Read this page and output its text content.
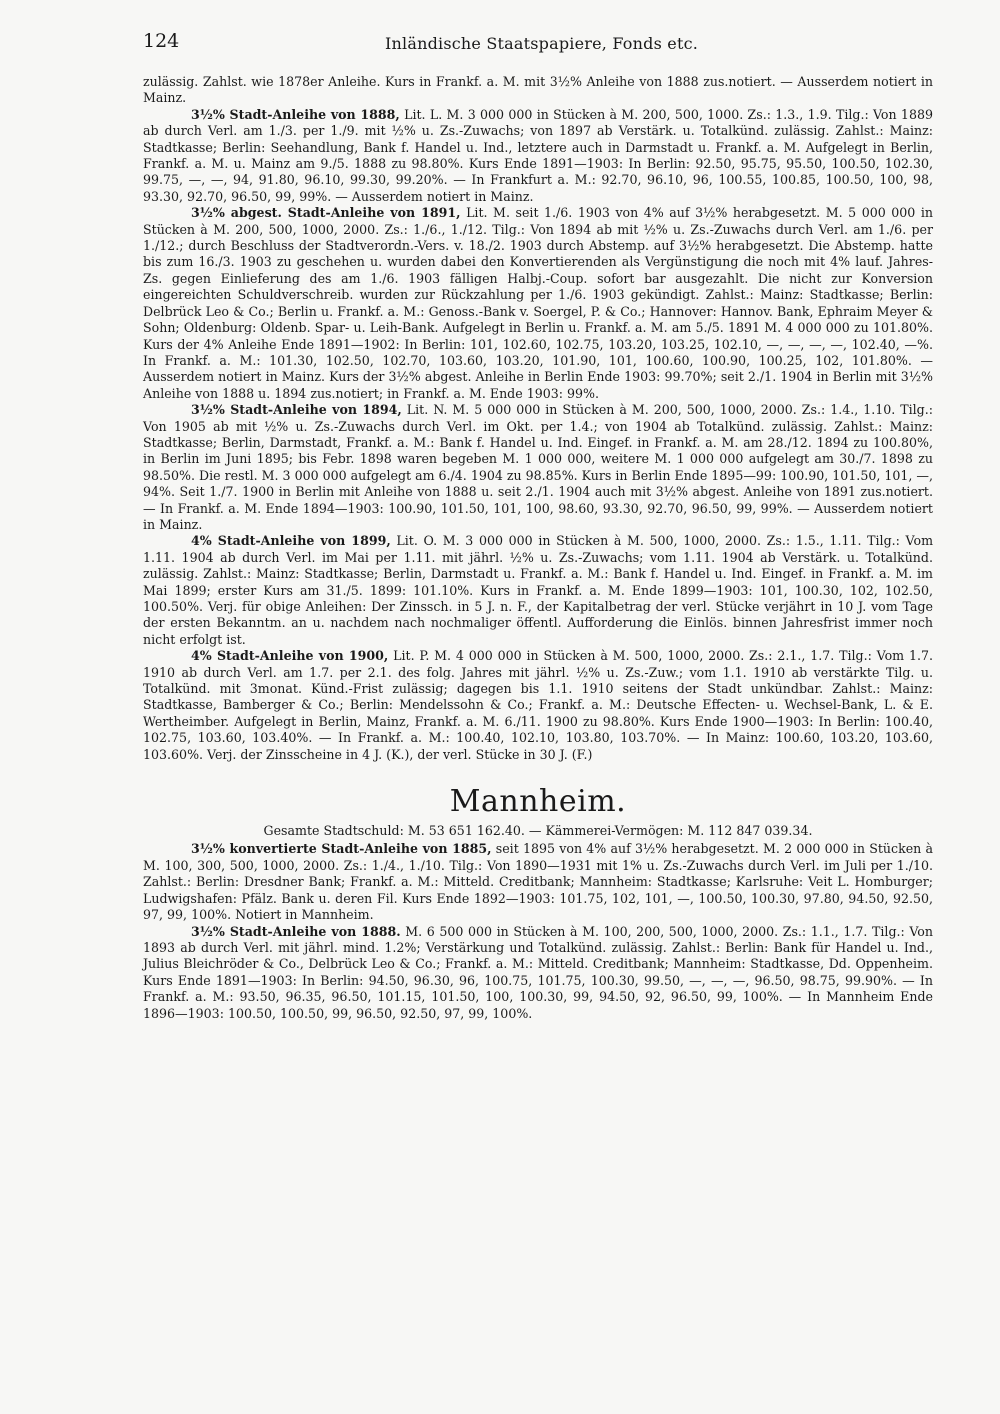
124	Inländische Staatspapiere, Fonds etc.

zulässig. Zahlst. wie 1878er Anleihe. Kurs in Frankf. a. M. mit 3½% Anleihe von 1888 zus.notiert. — Ausserdem notiert in Mainz.

3½% Stadt-Anleihe von 1888, Lit. L. M. 3 000 000 in Stücken à M. 200, 500, 1000. Zs.: 1.3., 1.9. Tilg.: Von 1889 ab durch Verl. am 1./3. per 1./9. mit ½% u. Zs.-Zuwachs; von 1897 ab Verstärk. u. Totalkünd. zulässig. Zahlst.: Mainz: Stadtkasse; Berlin: Seehandlung, Bank f. Handel u. Ind., letztere auch in Darmstadt u. Frankf. a. M. Aufgelegt in Berlin, Frankf. a. M. u. Mainz am 9./5. 1888 zu 98.80%. Kurs Ende 1891—1903: In Berlin: 92.50, 95.75, 95.50, 100.50, 102.30, 99.75, —, —, 94, 91.80, 96.10, 99.30, 99.20%. — In Frankfurt a. M.: 92.70, 96.10, 96, 100.55, 100.85, 100.50, 100, 98, 93.30, 92.70, 96.50, 99, 99%. — Ausserdem notiert in Mainz.

3½% abgest. Stadt-Anleihe von 1891, Lit. M. seit 1./6. 1903 von 4% auf 3½% herabgesetzt. M. 5 000 000 in Stücken à M. 200, 500, 1000, 2000. Zs.: 1./6., 1./12. Tilg.: Von 1894 ab mit ½% u. Zs.-Zuwachs durch Verl. am 1./6. per 1./12.; durch Beschluss der Stadtverordn.-Vers. v. 18./2. 1903 durch Abstemp. auf 3½% herabgesetzt. Die Abstemp. hatte bis zum 16./3. 1903 zu geschehen u. wurden dabei den Konvertierenden als Vergünstigung die noch mit 4% lauf. Jahres-Zs. gegen Einlieferung des am 1./6. 1903 fälligen Halbj.-Coup. sofort bar ausgezahlt. Die nicht zur Konversion eingereichten Schuldverschreib. wurden zur Rückzahlung per 1./6. 1903 gekündigt. Zahlst.: Mainz: Stadtkasse; Berlin: Delbrück Leo & Co.; Berlin u. Frankf. a. M.: Genoss.-Bank v. Soergel, P. & Co.; Hannover: Hannov. Bank, Ephraim Meyer & Sohn; Oldenburg: Oldenb. Spar- u. Leih-Bank. Aufgelegt in Berlin u. Frankf. a. M. am 5./5. 1891 M. 4 000 000 zu 101.80%. Kurs der 4% Anleihe Ende 1891—1902: In Berlin: 101, 102.60, 102.75, 103.20, 103.25, 102.10, —, —, —, —, 102.40, —%. In Frankf. a. M.: 101.30, 102.50, 102.70, 103.60, 103.20, 101.90, 101, 100.60, 100.90, 100.25, 102, 101.80%. — Ausserdem notiert in Mainz. Kurs der 3½% abgest. Anleihe in Berlin Ende 1903: 99.70%; seit 2./1. 1904 in Berlin mit 3½% Anleihe von 1888 u. 1894 zus.notiert; in Frankf. a. M. Ende 1903: 99%.

3½% Stadt-Anleihe von 1894, Lit. N. M. 5 000 000 in Stücken à M. 200, 500, 1000, 2000. Zs.: 1.4., 1.10. Tilg.: Von 1905 ab mit ½% u. Zs.-Zuwachs durch Verl. im Okt. per 1.4.; von 1904 ab Totalkünd. zulässig. Zahlst.: Mainz: Stadtkasse; Berlin, Darmstadt, Frankf. a. M.: Bank f. Handel u. Ind. Eingef. in Frankf. a. M. am 28./12. 1894 zu 100.80%, in Berlin im Juni 1895; bis Febr. 1898 waren begeben M. 1 000 000, weitere M. 1 000 000 aufgelegt am 30./7. 1898 zu 98.50%. Die restl. M. 3 000 000 aufgelegt am 6./4. 1904 zu 98.85%. Kurs in Berlin Ende 1895—99: 100.90, 101.50, 101, —, 94%. Seit 1./7. 1900 in Berlin mit Anleihe von 1888 u. seit 2./1. 1904 auch mit 3½% abgest. Anleihe von 1891 zus.notiert. — In Frankf. a. M. Ende 1894—1903: 100.90, 101.50, 101, 100, 98.60, 93.30, 92.70, 96.50, 99, 99%. — Ausserdem notiert in Mainz.

4% Stadt-Anleihe von 1899, Lit. O. M. 3 000 000 in Stücken à M. 500, 1000, 2000. Zs.: 1.5., 1.11. Tilg.: Vom 1.11. 1904 ab durch Verl. im Mai per 1.11. mit jährl. ½% u. Zs.-Zuwachs; vom 1.11. 1904 ab Verstärk. u. Totalkünd. zulässig. Zahlst.: Mainz: Stadtkasse; Berlin, Darmstadt u. Frankf. a. M.: Bank f. Handel u. Ind. Eingef. in Frankf. a. M. im Mai 1899; erster Kurs am 31./5. 1899: 101.10%. Kurs in Frankf. a. M. Ende 1899—1903: 101, 100.30, 102, 102.50, 100.50%. Verj. für obige Anleihen: Der Zinssch. in 5 J. n. F., der Kapitalbetrag der verl. Stücke verjährt in 10 J. vom Tage der ersten Bekanntm. an u. nachdem nach nochmaliger öffentl. Aufforderung die Einlös. binnen Jahresfrist immer noch nicht erfolgt ist.

4% Stadt-Anleihe von 1900, Lit. P. M. 4 000 000 in Stücken à M. 500, 1000, 2000. Zs.: 2.1., 1.7. Tilg.: Vom 1.7. 1910 ab durch Verl. am 1.7. per 2.1. des folg. Jahres mit jährl. ½% u. Zs.-Zuw.; vom 1.1. 1910 ab verstärkte Tilg. u. Totalkünd. mit 3monat. Künd.-Frist zulässig; dagegen bis 1.1. 1910 seitens der Stadt unkündbar. Zahlst.: Mainz: Stadtkasse, Bamberger & Co.; Berlin: Mendelssohn & Co.; Frankf. a. M.: Deutsche Effecten- u. Wechsel-Bank, L. & E. Wertheimber. Aufgelegt in Berlin, Mainz, Frankf. a. M. 6./11. 1900 zu 98.80%. Kurs Ende 1900—1903: In Berlin: 100.40, 102.75, 103.60, 103.40%. — In Frankf. a. M.: 100.40, 102.10, 103.80, 103.70%. — In Mainz: 100.60, 103.20, 103.60, 103.60%. Verj. der Zinsscheine in 4 J. (K.), der verl. Stücke in 30 J. (F.)

Mannheim.
Gesamte Stadtschuld: M. 53 651 162.40. — Kämmerei-Vermögen: M. 112 847 039.34.

3½% konvertierte Stadt-Anleihe von 1885, seit 1895 von 4% auf 3½% herabgesetzt. M. 2 000 000 in Stücken à M. 100, 300, 500, 1000, 2000. Zs.: 1./4., 1./10. Tilg.: Von 1890—1931 mit 1% u. Zs.-Zuwachs durch Verl. im Juli per 1./10. Zahlst.: Berlin: Dresdner Bank; Frankf. a. M.: Mitteld. Creditbank; Mannheim: Stadtkasse; Karlsruhe: Veit L. Homburger; Ludwigshafen: Pfälz. Bank u. deren Fil. Kurs Ende 1892—1903: 101.75, 102, 101, —, 100.50, 100.30, 97.80, 94.50, 92.50, 97, 99, 100%. Notiert in Mannheim.

3½% Stadt-Anleihe von 1888. M. 6 500 000 in Stücken à M. 100, 200, 500, 1000, 2000. Zs.: 1.1., 1.7. Tilg.: Von 1893 ab durch Verl. mit jährl. mind. 1.2%; Verstärkung und Totalkünd. zulässig. Zahlst.: Berlin: Bank für Handel u. Ind., Julius Bleichröder & Co., Delbrück Leo & Co.; Frankf. a. M.: Mitteld. Creditbank; Mannheim: Stadtkasse, Dd. Oppenheim. Kurs Ende 1891—1903: In Berlin: 94.50, 96.30, 96, 100.75, 101.75, 100.30, 99.50, —, —, —, 96.50, 98.75, 99.90%. — In Frankf. a. M.: 93.50, 96.35, 96.50, 101.15, 101.50, 100, 100.30, 99, 94.50, 92, 96.50, 99, 100%. — In Mannheim Ende 1896—1903: 100.50, 100.50, 99, 96.50, 92.50, 97, 99, 100%.
